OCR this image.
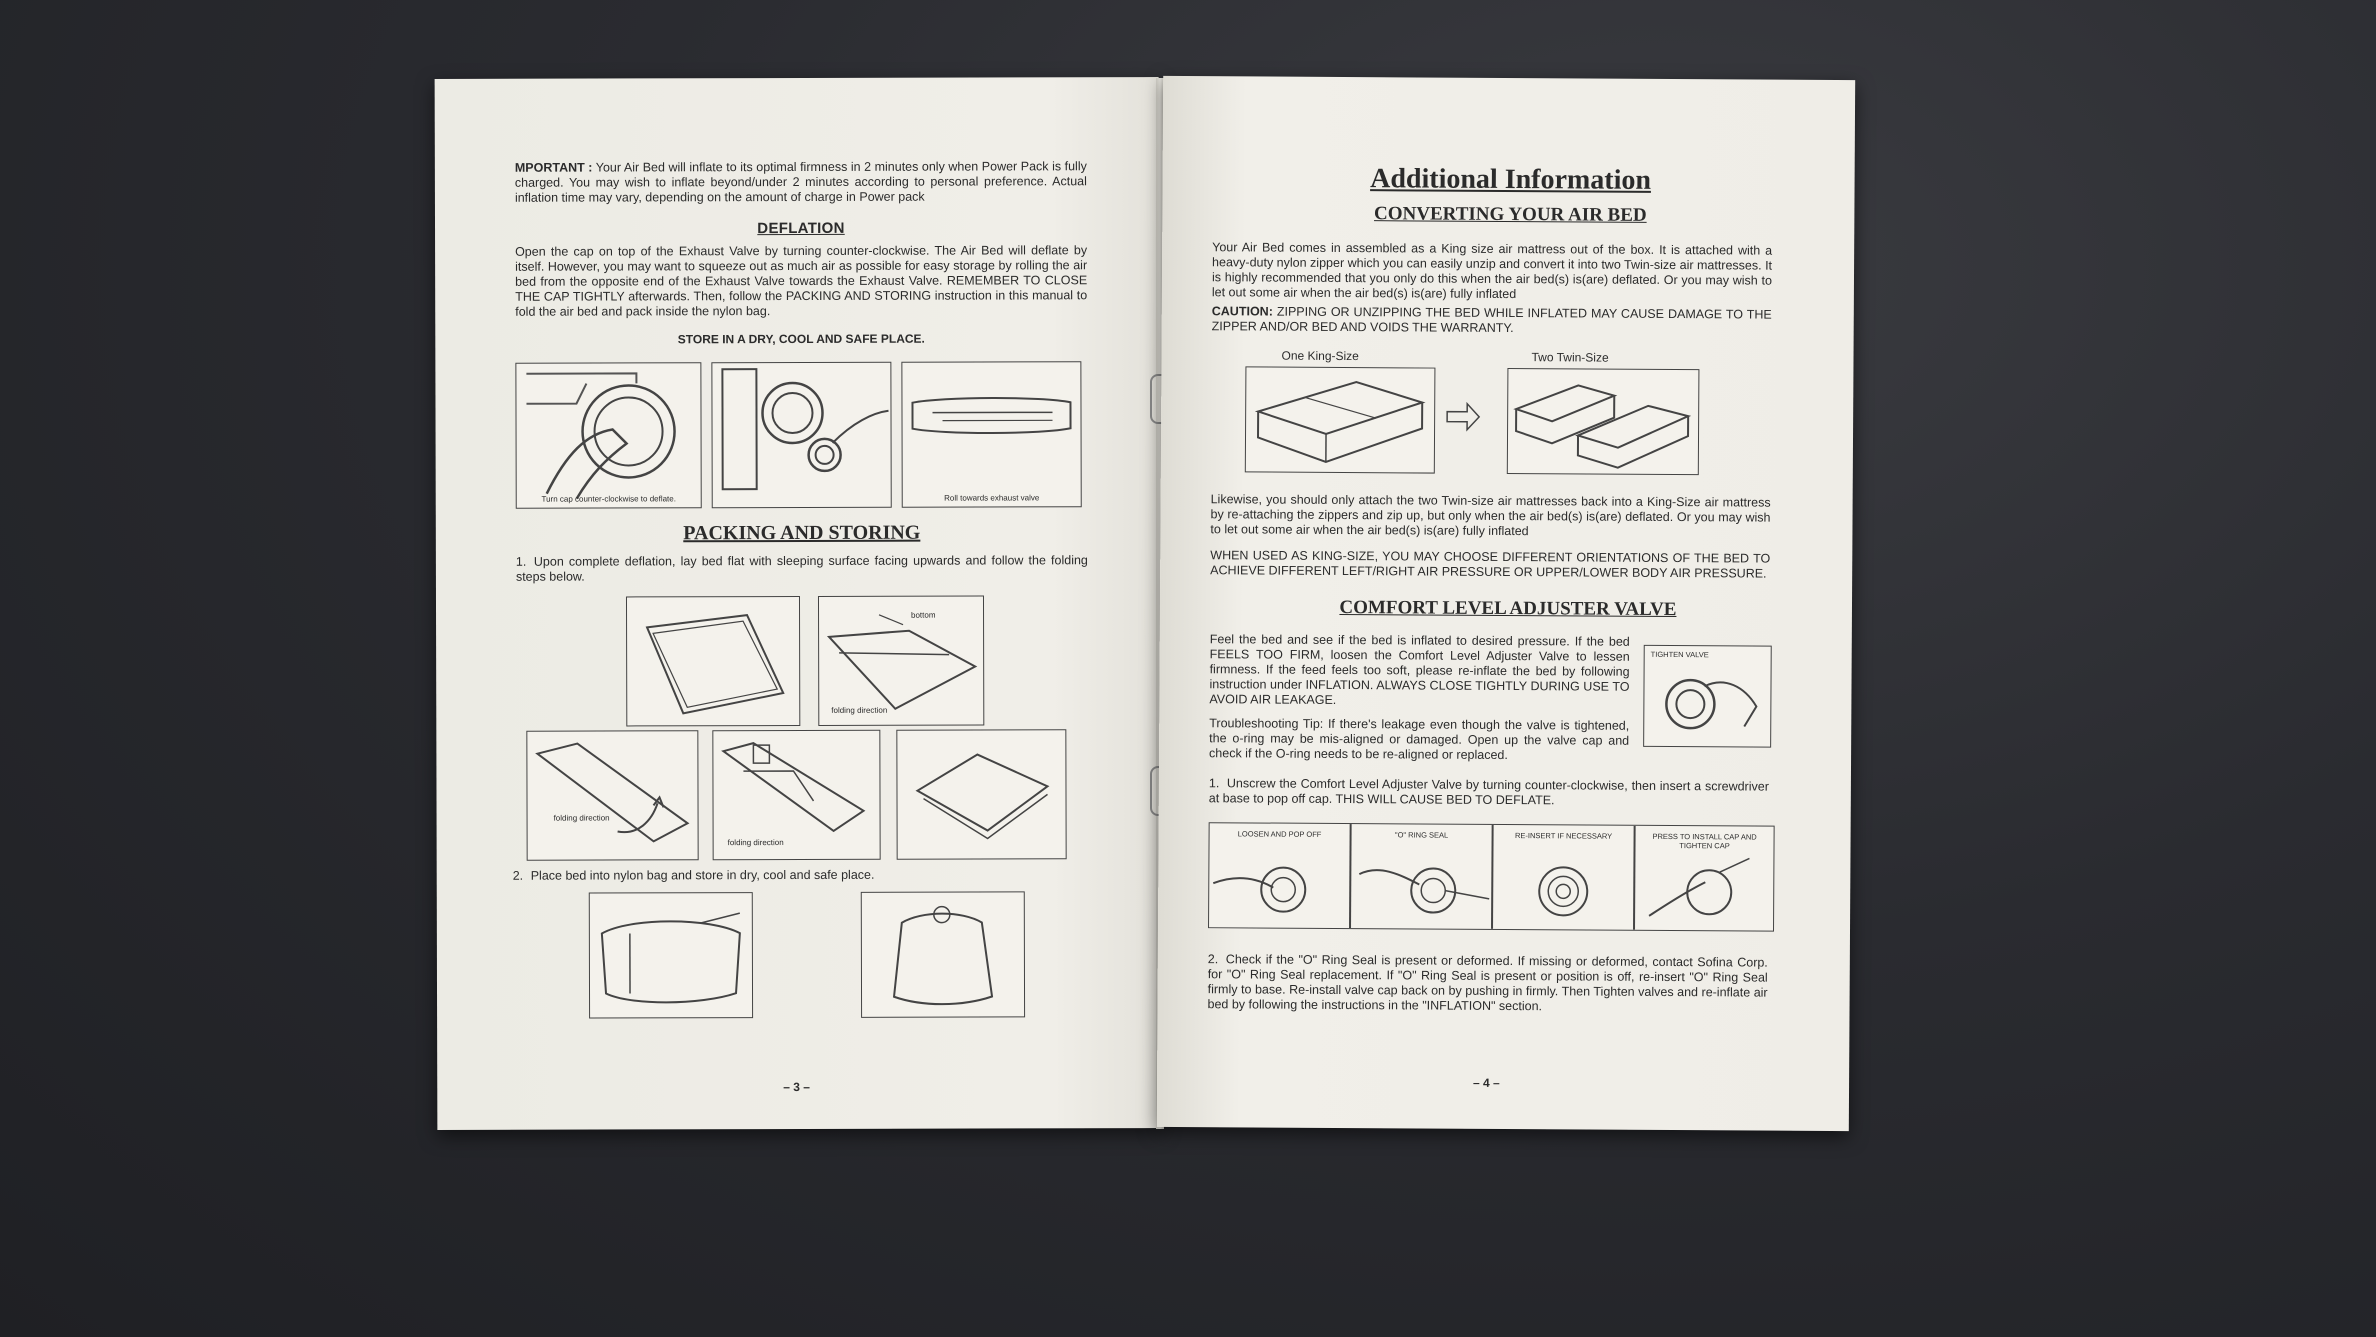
MPORTANT : Your Air Bed will inflate to its optimal firmness in 2 minutes only when Power Pack is fully charged. You may wish to inflate beyond/under 2 minutes according to personal preference. Actual inflation time may vary, depending on the amount of charge in Power pack
DEFLATION
Open the cap on top of the Exhaust Valve by turning counter-clockwise. The Air Bed will deflate by itself. However, you may want to squeeze out as much air as possible for easy storage by rolling the air bed from the opposite end of the Exhaust Valve towards the Exhaust Valve. REMEMBER TO CLOSE THE CAP TIGHTLY afterwards. Then, follow the PACKING AND STORING instruction in this manual to fold the air bed and pack inside the nylon bag.
STORE IN A DRY, COOL AND SAFE PLACE.
Turn cap counter-clockwise to deflate.	Roll towards exhaust valve
PACKING AND STORING
1. Upon complete deflation, lay bed flat with sleeping surface facing upwards and follow the folding steps below.
bottom
folding direction
folding direction
folding direction
2. Place bed into nylon bag and store in dry, cool and safe place.
– 3 –
Additional Information
CONVERTING YOUR AIR BED
Your Air Bed comes in assembled as a King size air mattress out of the box. It is attached with a heavy-duty nylon zipper which you can easily unzip and convert it into two Twin-size air mattresses. It is highly recommended that you only do this when the air bed(s) is(are) deflated. Or you may wish to let out some air when the air bed(s) is(are) fully inflated
CAUTION: ZIPPING OR UNZIPPING THE BED WHILE INFLATED MAY CAUSE DAMAGE TO THE ZIPPER AND/OR BED AND VOIDS THE WARRANTY.
One King-Size	Two Twin-Size
Likewise, you should only attach the two Twin-size air mattresses back into a King-Size air mattress by re-attaching the zippers and zip up, but only when the air bed(s) is(are) deflated. Or you may wish to let out some air when the air bed(s) is(are) fully inflated
WHEN USED AS KING-SIZE, YOU MAY CHOOSE DIFFERENT ORIENTATIONS OF THE BED TO ACHIEVE DIFFERENT LEFT/RIGHT AIR PRESSURE OR UPPER/LOWER BODY AIR PRESSURE.
COMFORT LEVEL ADJUSTER VALVE
Feel the bed and see if the bed is inflated to desired pressure. If the bed FEELS TOO FIRM, loosen the Comfort Level Adjuster Valve to lessen firmness. If the feed feels too soft, please re-inflate the bed by following instruction under INFLATION. ALWAYS CLOSE TIGHTLY DURING USE TO AVOID AIR LEAKAGE.
TIGHTEN VALVE
Troubleshooting Tip: If there's leakage even though the valve is tightened, the o-ring may be mis-aligned or damaged. Open up the valve cap and check if the O-ring needs to be re-aligned or replaced.
1. Unscrew the Comfort Level Adjuster Valve by turning counter-clockwise, then insert a screwdriver at base to pop off cap. THIS WILL CAUSE BED TO DEFLATE.
LOOSEN AND POP OFF	"O" RING SEAL	RE-INSERT IF NECESSARY	PRESS TO INSTALL CAP AND TIGHTEN CAP
2. Check if the "O" Ring Seal is present or deformed. If missing or deformed, contact Sofina Corp. for "O" Ring Seal replacement. If "O" Ring Seal is present or position is off, re-insert "O" Ring Seal firmly to base. Re-install valve cap back on by pushing in firmly. Then Tighten valves and re-inflate air bed by following the instructions in the "INFLATION" section.
– 4 –
